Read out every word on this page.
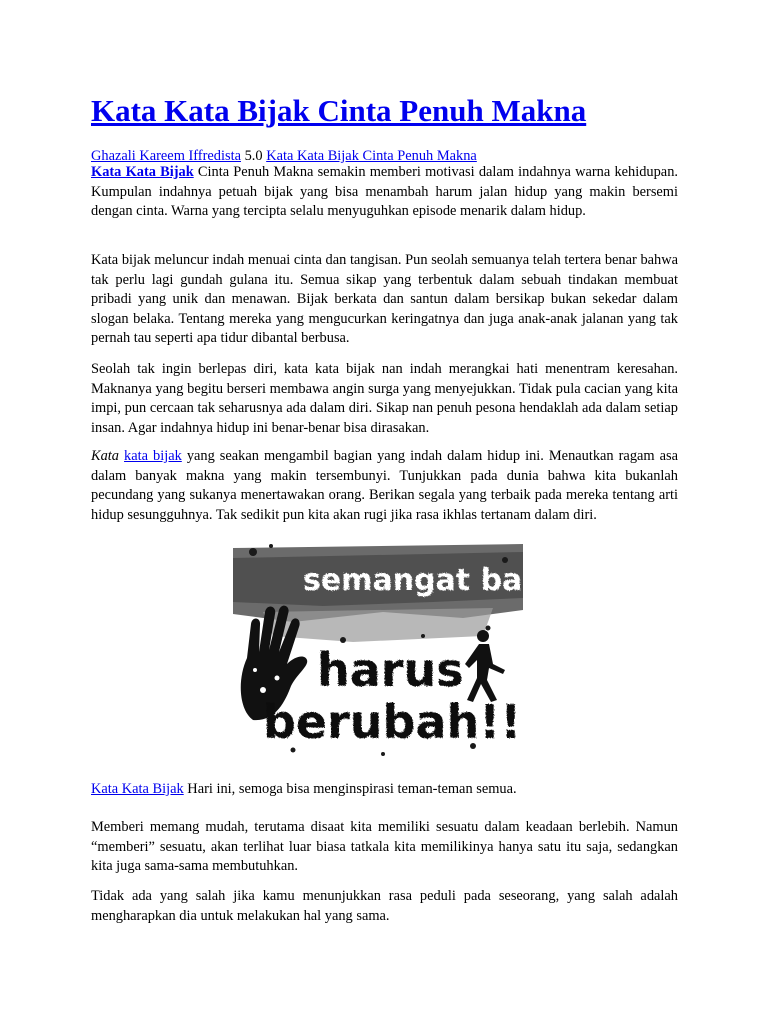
Kata Kata Bijak Cinta Penuh Makna
Ghazali Kareem Iffredista 5.0 Kata Kata Bijak Cinta Penuh Makna

Kata Kata Bijak Cinta Penuh Makna semakin memberi motivasi dalam indahnya warna kehidupan. Kumpulan indahnya petuah bijak yang bisa menambah harum jalan hidup yang makin bersemi dengan cinta. Warna yang tercipta selalu menyuguhkan episode menarik dalam hidup.

Kata bijak meluncur indah menuai cinta dan tangisan. Pun seolah semuanya telah tertera benar bahwa tak perlu lagi gundah gulana itu. Semua sikap yang terbentuk dalam sebuah tindakan membuat pribadi yang unik dan menawan. Bijak berkata dan santun dalam bersikap bukan sekedar dalam slogan belaka. Tentang mereka yang mengucurkan keringatnya dan juga anak-anak jalanan yang tak pernah tau seperti apa tidur dibantal berbusa.

Seolah tak ingin berlepas diri, kata kata bijak nan indah merangkai hati menentram keresahan. Maknanya yang begitu berseri membawa angin surga yang menyejukkan. Tidak pula cacian yang kita impi, pun cercaan tak seharusnya ada dalam diri. Sikap nan penuh pesona hendaklah ada dalam setiap insan. Agar indahnya hidup ini benar-benar bisa dirasakan.

Kata kata bijak yang seakan mengambil bagian yang indah dalam hidup ini. Menautkan ragam asa dalam banyak makna yang makin tersembunyi. Tunjukkan pada dunia bahwa kita bukanlah pecundang yang sukanya menertawakan orang. Berikan segala yang terbaik pada mereka tentang arti hidup sesungguhnya. Tak sedikit pun kita akan rugi jika rasa ikhlas tertanam dalam diri.

semangat baru!
harus
berubah!!

Kata Kata Bijak Hari ini, semoga bisa menginspirasi teman-teman semua.

Memberi memang mudah, terutama disaat kita memiliki sesuatu dalam keadaan berlebih. Namun “memberi” sesuatu, akan terlihat luar biasa tatkala kita memilikinya hanya satu itu saja, sedangkan kita juga sama-sama membutuhkan.

Tidak ada yang salah jika kamu menunjukkan rasa peduli pada seseorang, yang salah adalah mengharapkan dia untuk melakukan hal yang sama.
